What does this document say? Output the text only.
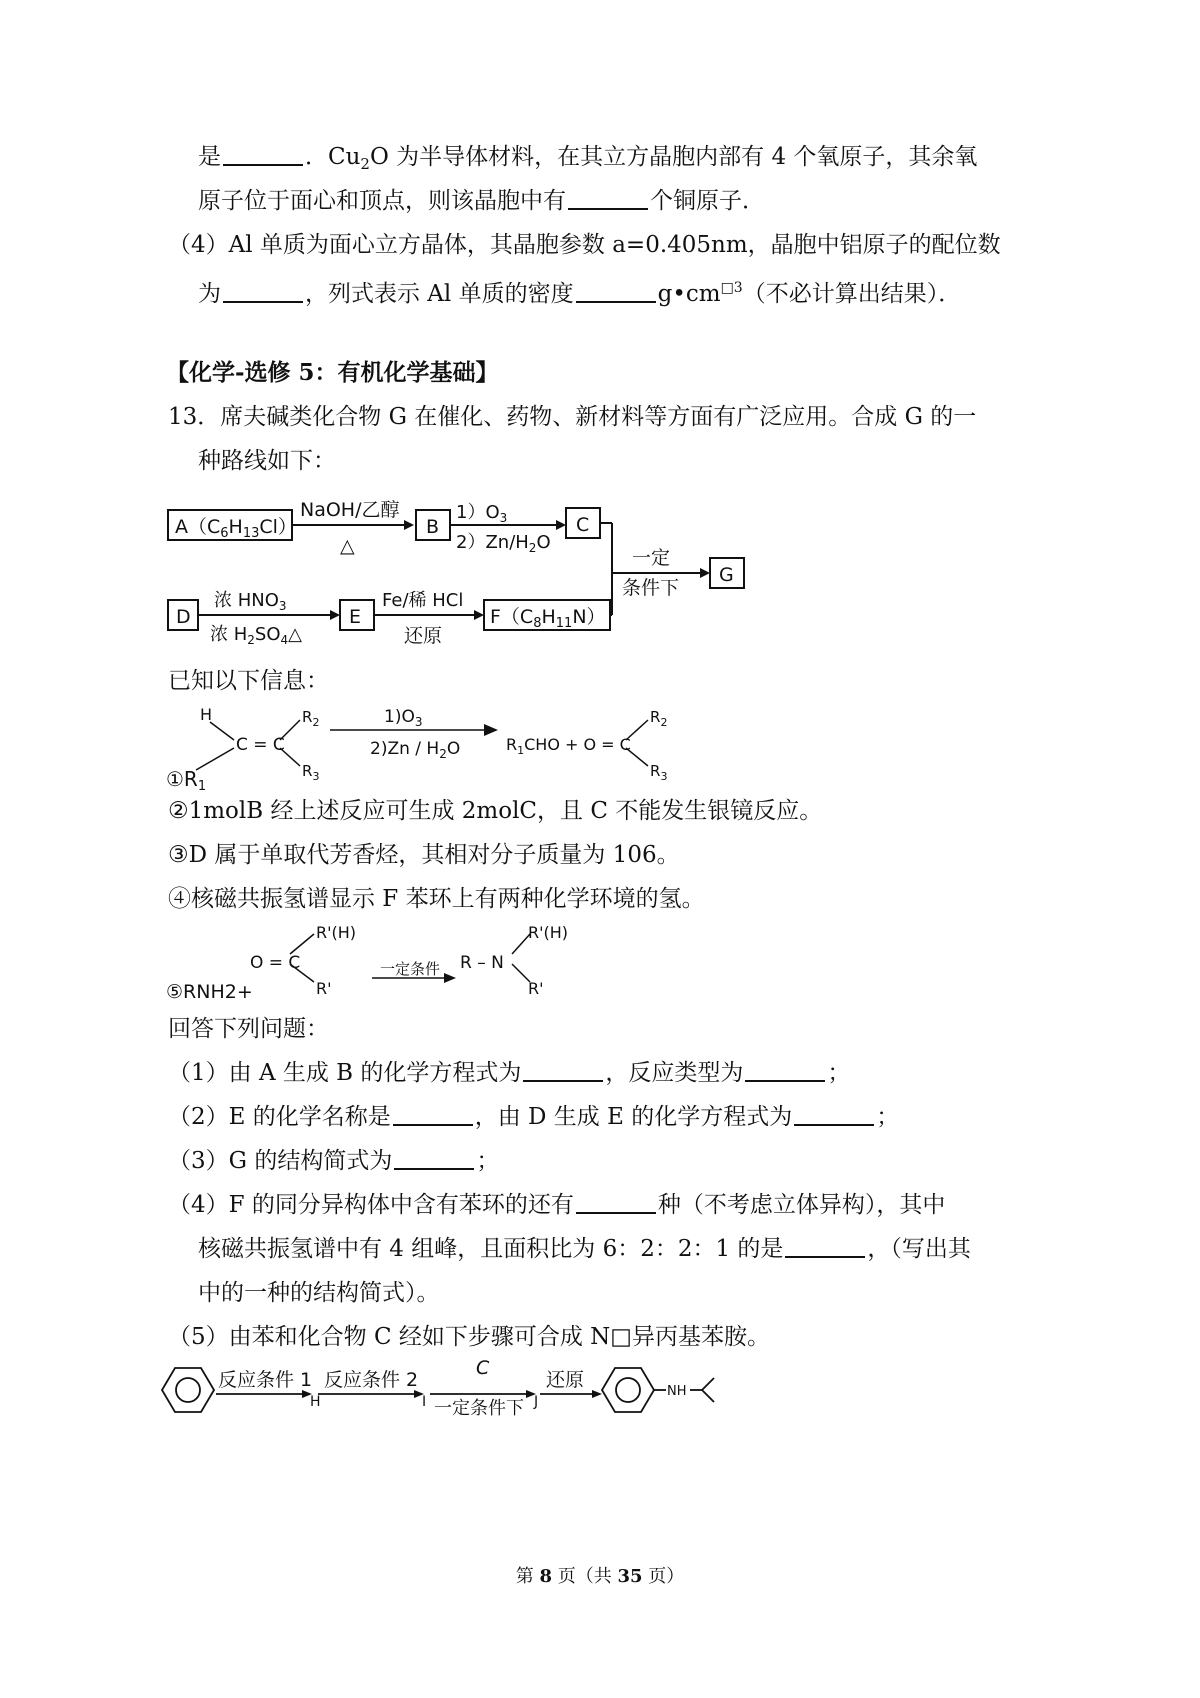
是	．$Cu_2O$ 为半导体材料，在其立方晶胞内部有 4 个氧原子，其余氧
原子位于面心和顶点，则该晶胞中有	个铜原子．
（4）Al 单质为面心立方晶体，其晶胞参数 a=0.405nm，晶胞中铝原子的配位数
为	，列式表示 Al 单质的密度	$g•cm^{□3}$（不必计算出结果）．
【化学-选修 5：有机化学基础】
13．席夫碱类化合物 G 在催化、药物、新材料等方面有广泛应用。合成 G 的一
种路线如下：
$A(C_6H_{13}Cl)$
NaOH/乙醇
△
B
$1)O_3$
$2)Zn/H_2O$
C
一定
条件下
G
D
浓 $HNO_3$
浓 $H_2SO_4\triangle$
E
Fe/稀 HCl
还原
$F(C_8H_{11}N)$
已知以下信息：
H
C = C
$R_2$
$R_3$
$1)O_3$
$2)Zn / H_2O$	$R_1CHO + O = C$
$R_2$
$R_3$
$①R_1$
②1molB 经上述反应可生成 2molC，且 C 不能发生银镜反应。
③D 属于单取代芳香烃，其相对分子质量为 106。
④核磁共振氢谱显示 F 苯环上有两种化学环境的氢。
O = C
R'(H)
R'
一定条件 R – N
R'(H)
R'
⑤RNH2+
回答下列问题：
（1）由 A 生成 B 的化学方程式为	，反应类型为	；
（2）E 的化学名称是	，由 D 生成 E 的化学方程式为	；
（3）G 的结构简式为	；
（4）F 的同分异构体中含有苯环的还有	种（不考虑立体异构），其中
核磁共振氢谱中有 4 组峰，且面积比为 6：2：2：1 的是	，（写出其
中的一种的结构简式）。
（5）由苯和化合物 C 经如下步骤可合成 N□异丙基苯胺。
反应条件 1
H
反应条件 2
I
C
一定条件下 J
还原
NH
第 8 页（共 35 页）
